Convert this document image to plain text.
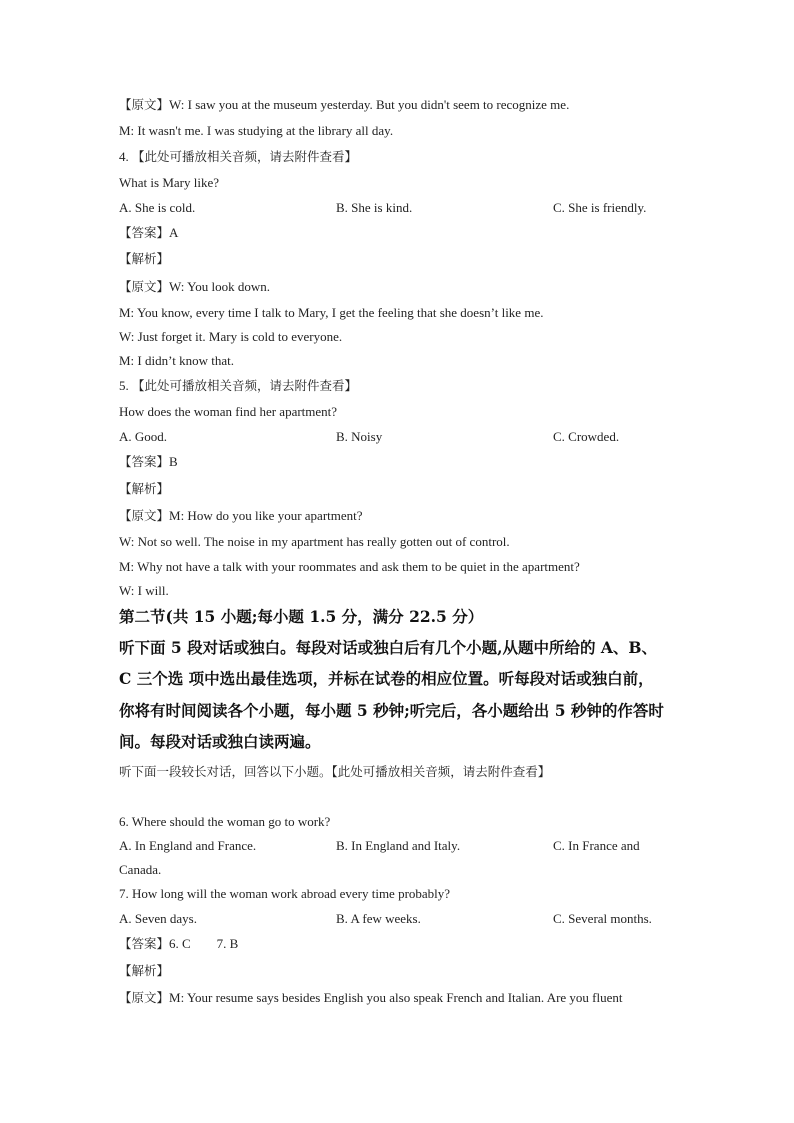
【原文】W: I saw you at the museum yesterday. But you didn't seem to recognize me.
M: It wasn't me. I was studying at the library all day.
4. 【此处可播放相关音频，请去附件查看】
What is Mary like?
A. She is cold.	B. She is kind.	C. She is friendly.
【答案】A
【解析】
【原文】W: You look down.
M: You know, every time I talk to Mary, I get the feeling that she doesn’t like me.
W: Just forget it. Mary is cold to everyone.
M: I didn’t know that.
5. 【此处可播放相关音频，请去附件查看】
How does the woman find her apartment?
A. Good.	B. Noisy	C. Crowded.
【答案】B
【解析】
【原文】M: How do you like your apartment?
W: Not so well. The noise in my apartment has really gotten out of control.
M: Why not have a talk with your roommates and ask them to be quiet in the apartment?
W: I will.
第二节(共 15 小题;每小题 1.5 分，满分 22.5 分）
听下面 5 段对话或独白。每段对话或独白后有几个小题,从题中所给的 A、B、
C 三个选 项中选出最佳选项，并标在试卷的相应位置。听每段对话或独白前，
你将有时间阅读各个小题，每小题 5 秒钟;听完后，各小题给出 5 秒钟的作答时
间。每段对话或独白读两遍。
听下面一段较长对话，回答以下小题。【此处可播放相关音频，请去附件查看】
6. Where should the woman go to work?
A. In England and France.	B. In England and Italy.	C. In France and
Canada.
7. How long will the woman work abroad every time probably?
A. Seven days.	B. A few weeks.	C. Several months.
【答案】6. C        7. B
【解析】
【原文】M: Your resume says besides English you also speak French and Italian. Are you fluent
